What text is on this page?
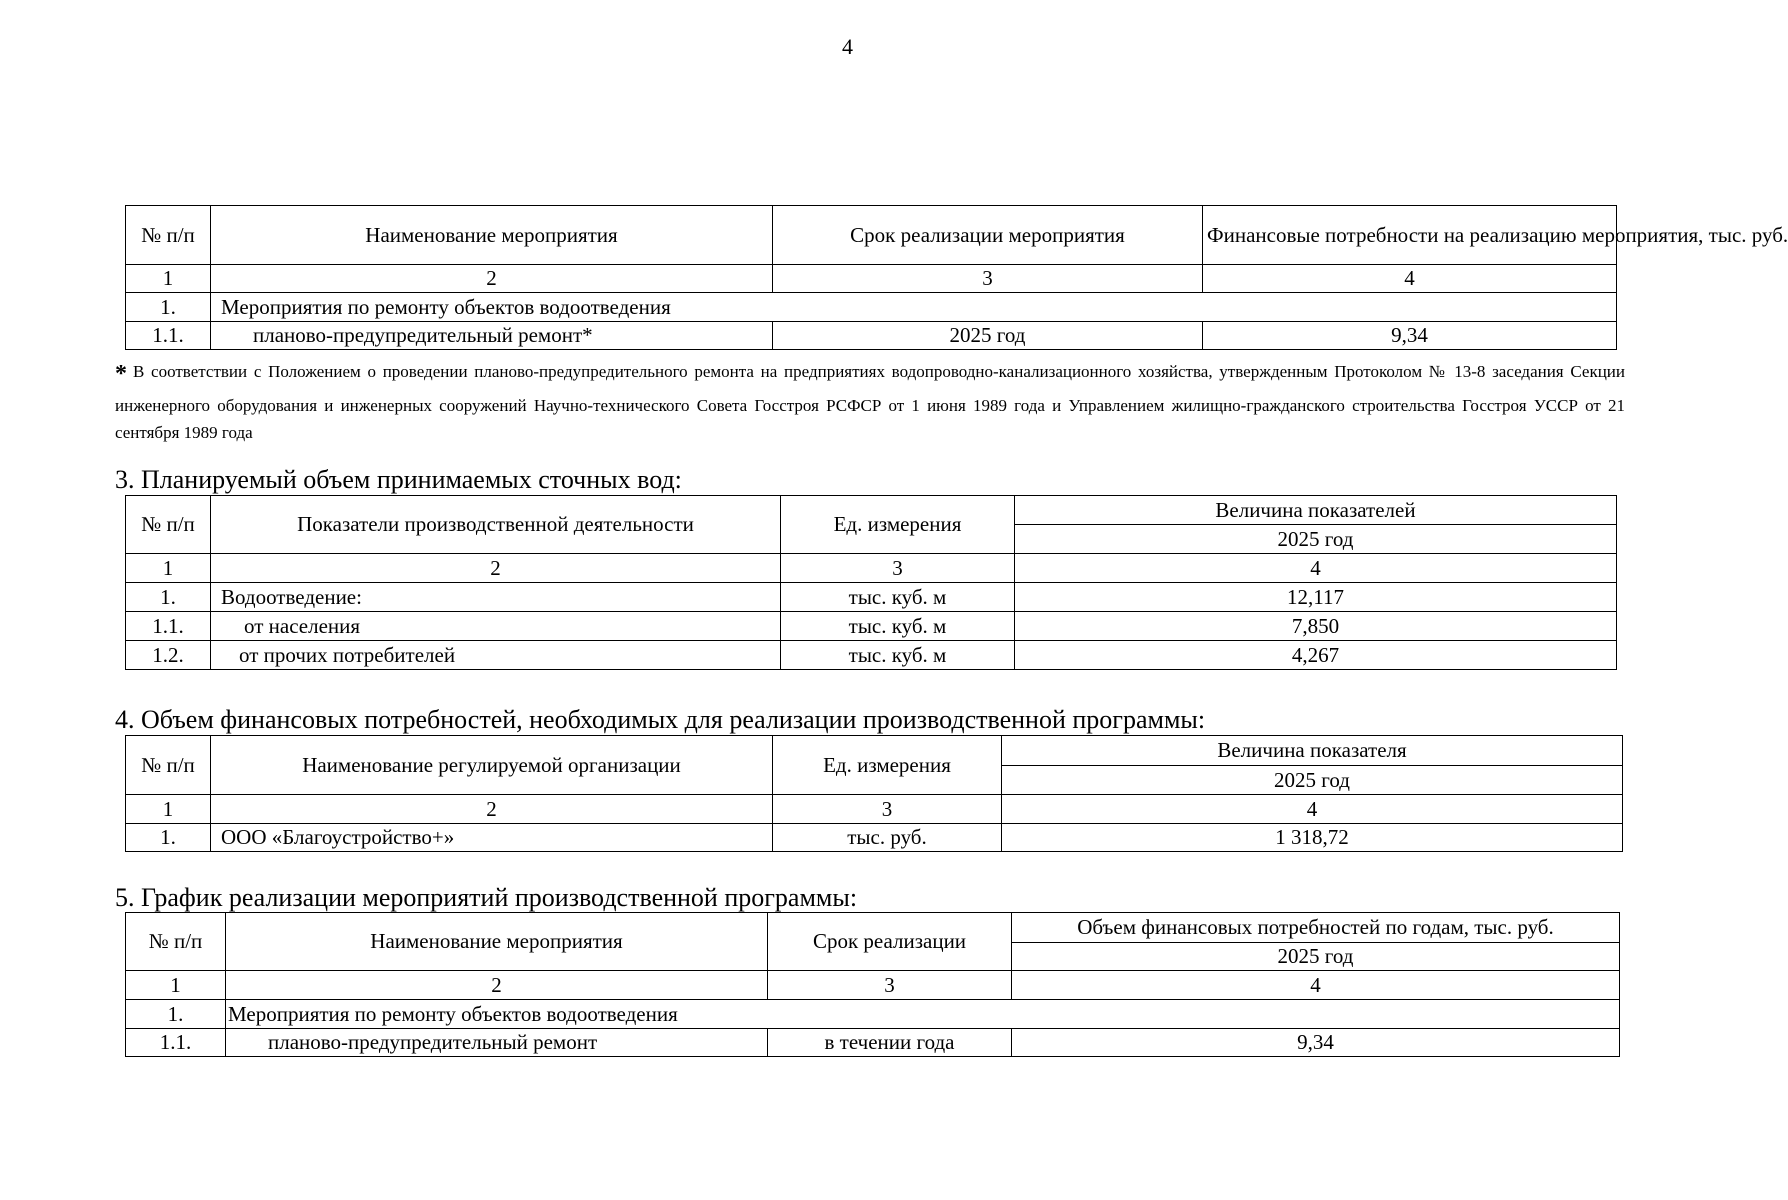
4
№ п/п	Наименование мероприятия	Срок реализации мероприятия	Финансовые потребности на реализацию мероприятия, тыс. руб.
1	2	3	4
1.	Мероприятия по ремонту объектов водоотведения		
1.1.	планово-предупредительный ремонт*	2025 год	9,34
* В соответствии с Положением о проведении планово-предупредительного ремонта на предприятиях водопроводно-канализационного хозяйства, утвержденным Протоколом № 13-8 заседания Секции инженерного оборудования и инженерных сооружений Научно-технического Совета Госстроя РСФСР от 1 июня 1989 года и Управлением жилищно-гражданского строительства Госстроя УССР от 21 сентября 1989 года
3. Планируемый объем принимаемых сточных вод:
№ п/п	Показатели производственной деятельности	Ед. измерения	Величина показателей
			2025 год
1	2	3	4
1.	Водоотведение:	тыс. куб. м	12,117
1.1.	от населения	тыс. куб. м	7,850
1.2.	от прочих потребителей	тыс. куб. м	4,267
4. Объем финансовых потребностей, необходимых для реализации производственной программы:
№ п/п	Наименование регулируемой организации	Ед. измерения	Величина показателя
			2025 год
1	2	3	4
1.	ООО «Благоустройство+»	тыс. руб.	1 318,72
5. График реализации мероприятий производственной программы:
№ п/п	Наименование мероприятия	Срок реализации	Объем финансовых потребностей по годам, тыс. руб.
			2025 год
1	2	3	4
1.	Мероприятия по ремонту объектов водоотведения		
1.1.	планово-предупредительный ремонт	в течении года	9,34
